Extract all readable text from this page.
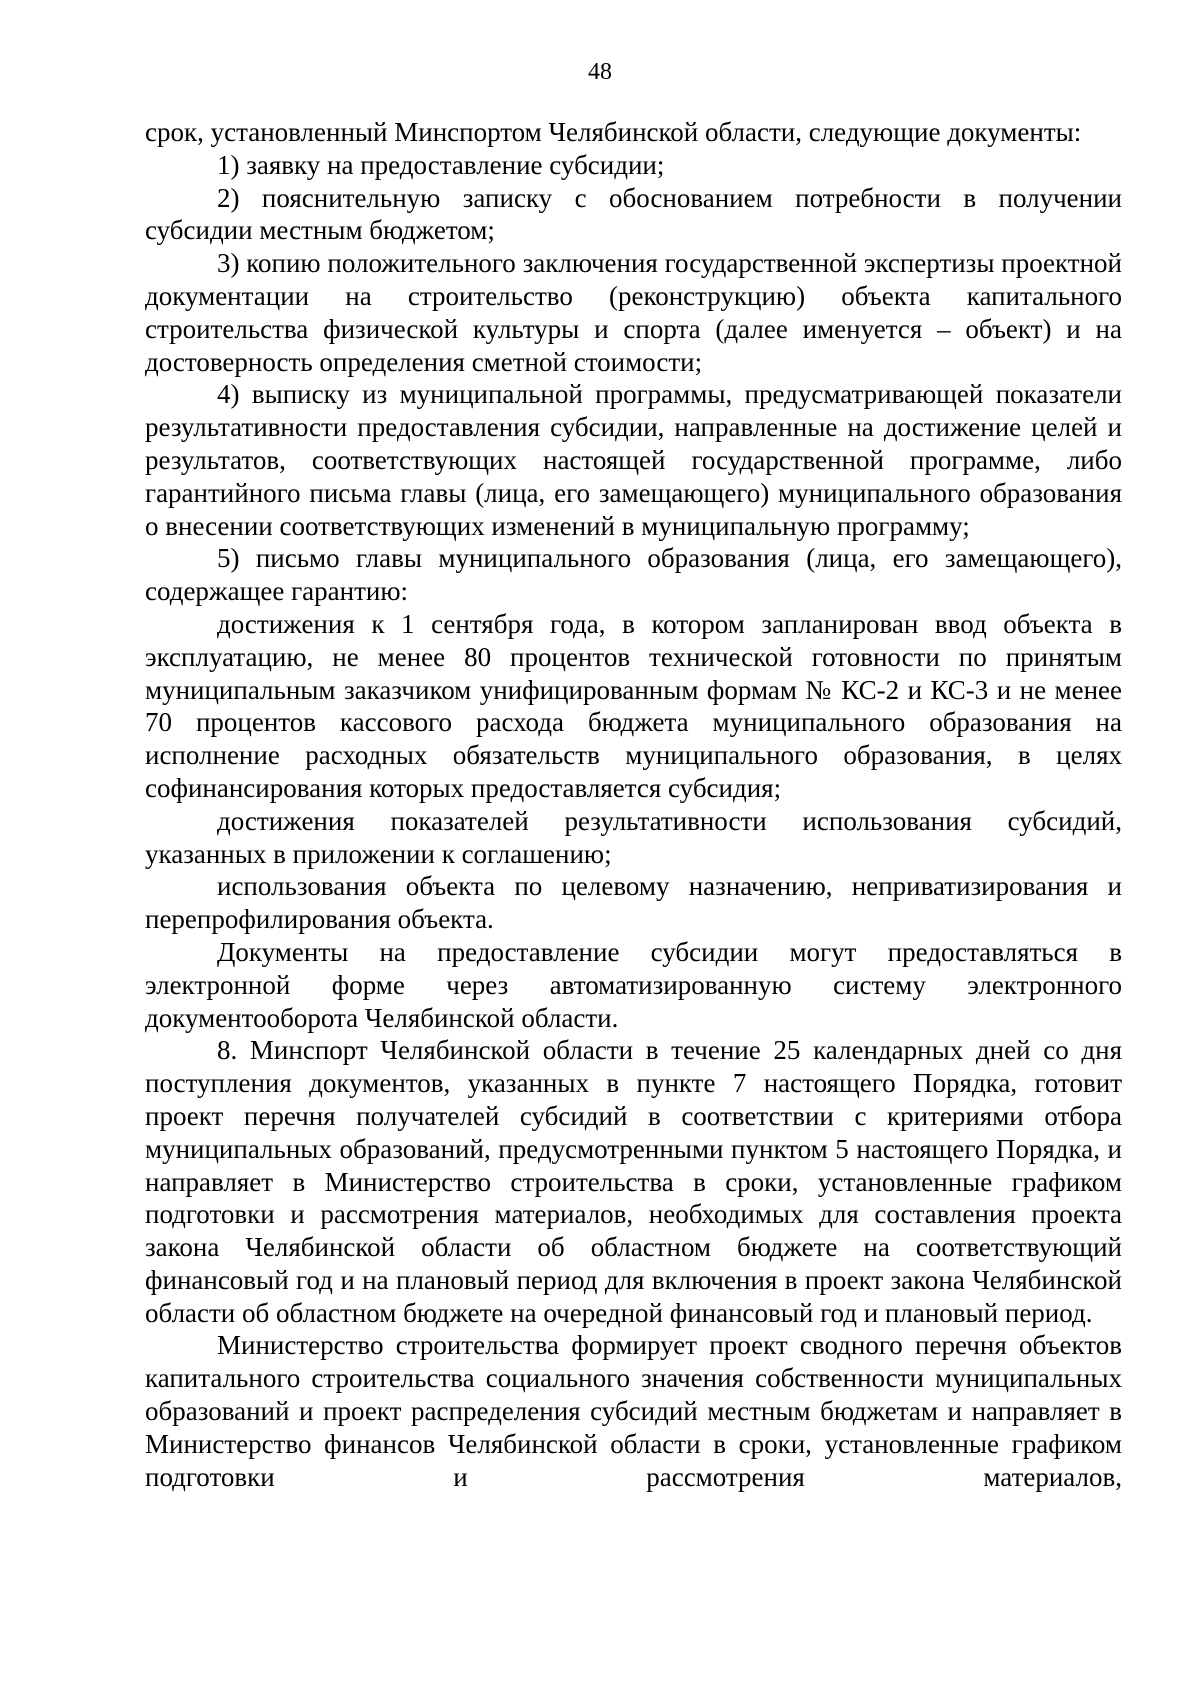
48

срок, установленный Минспортом Челябинской области, следующие документы:

1) заявку на предоставление субсидии;

2) пояснительную записку с обоснованием потребности в получении субсидии местным бюджетом;

3) копию положительного заключения государственной экспертизы проектной документации на строительство (реконструкцию) объекта капитального строительства физической культуры и спорта (далее именуется – объект) и на достоверность определения сметной стоимости;

4) выписку из муниципальной программы, предусматривающей показатели результативности предоставления субсидии, направленные на достижение целей и результатов, соответствующих настоящей государственной программе, либо гарантийного письма главы (лица, его замещающего) муниципального образования о внесении соответствующих изменений в муниципальную программу;

5) письмо главы муниципального образования (лица, его замещающего), содержащее гарантию:

достижения к 1 сентября года, в котором запланирован ввод объекта в эксплуатацию, не менее 80 процентов технической готовности по принятым муниципальным заказчиком унифицированным формам № КС-2 и КС-3 и не менее 70 процентов кассового расхода бюджета муниципального образования на исполнение расходных обязательств муниципального образования, в целях софинансирования которых предоставляется субсидия;

достижения показателей результативности использования субсидий, указанных в приложении к соглашению;

использования объекта по целевому назначению, неприватизирования и перепрофилирования объекта.

Документы на предоставление субсидии могут предоставляться в электронной форме через автоматизированную систему электронного документооборота Челябинской области.

8. Минспорт Челябинской области в течение 25 календарных дней со дня поступления документов, указанных в пункте 7 настоящего Порядка, готовит проект перечня получателей субсидий в соответствии с критериями отбора муниципальных образований, предусмотренными пунктом 5 настоящего Порядка, и направляет в Министерство строительства в сроки, установленные графиком подготовки и рассмотрения материалов, необходимых для составления проекта закона Челябинской области об областном бюджете на соответствующий финансовый год и на плановый период для включения в проект закона Челябинской области об областном бюджете на очередной финансовый год и плановый период.

Министерство строительства формирует проект сводного перечня объектов капитального строительства социального значения собственности муниципальных образований и проект распределения субсидий местным бюджетам и направляет в Министерство финансов Челябинской области в сроки, установленные графиком подготовки и рассмотрения материалов,
